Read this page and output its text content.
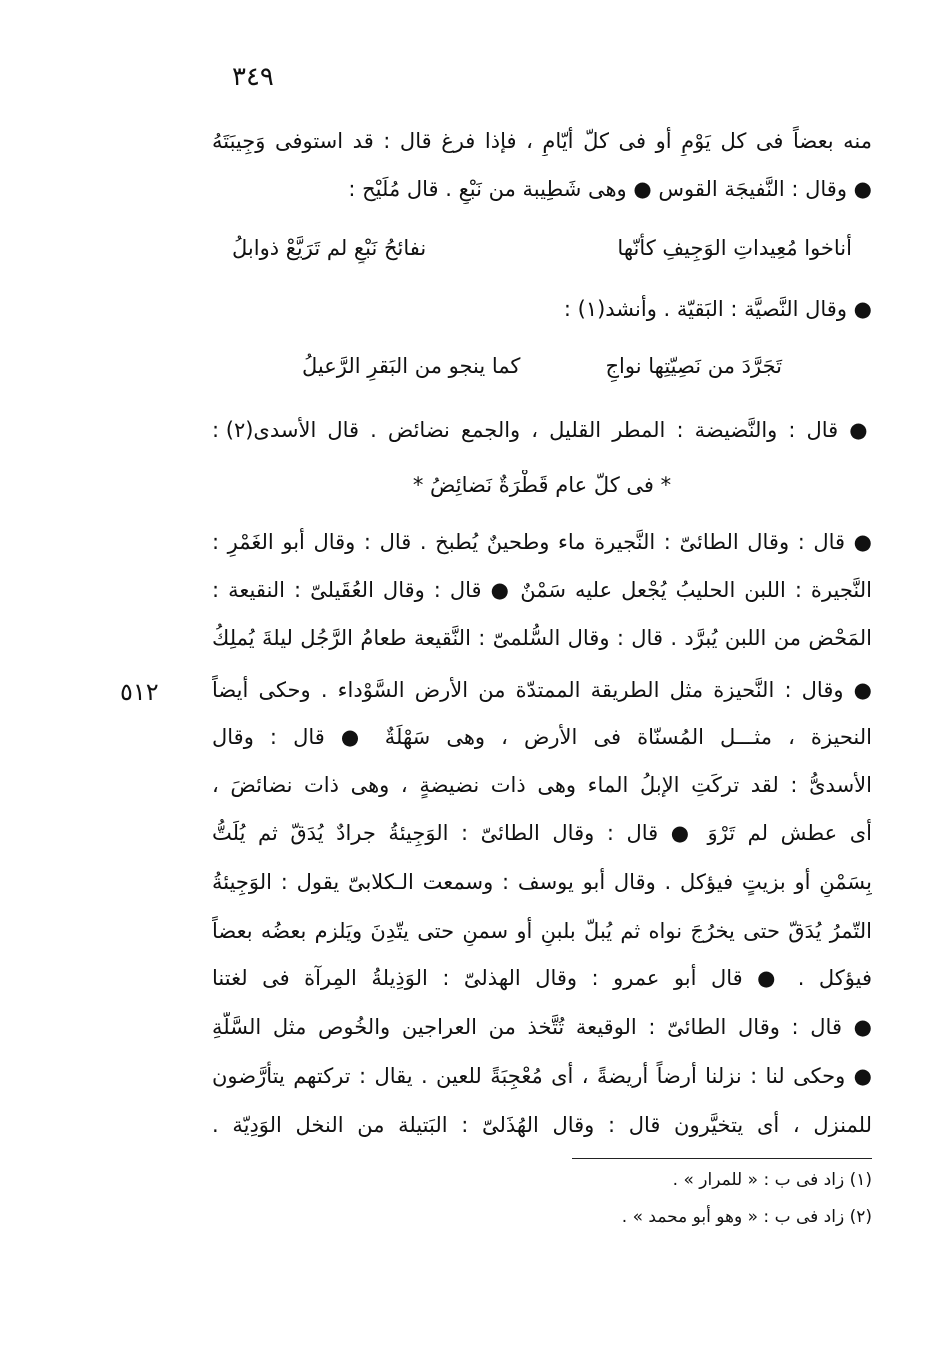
٣٤٩
٥١٢
منه بعضاً فى كل يَوْمٍ أو فى كلّ أيّامٍ ، فإذا فرغ قال : قد استوفى وَجِيبَتَهُ
● وقال : النَّفيجَة القوس ● وهى شَطِيبة من نَبْعٍ . قال مُلَيْح :
أناخوا مُعِيداتِ الوَجِيفِ كأنّها
نفائحُ نَبْعٍ لم تَرَيَّعْ ذوابلُ
● وقال النَّصيَّة : البَقيّة . وأنشد(١) :
تَجَرَّدَ من نَصِيّتِها نواجٍ
كما ينجو من البَقرِ الرَّعيلُ
● قال : والنَّضيضة : المطر القليل ، والجمع نضائض . قال الأسدى(٢) :
* فى كلّ عام قَطْرَةٌ نَضائِضُ *
● قال : وقال الطائىّ : النَّجيرة ماء وطحينٌ يُطبخ . قال : وقال أبو الغَمْرِ :
النَّجيرة : اللبن الحليبُ يُجْعل عليه سَمْنٌ ● قال : وقال العُقَيلىّ : النقيعة :
المَحْض من اللبن يُبرَّد . قال : وقال السُّلمىّ : النَّقيعة طعامُ الرَّجُل ليلةَ يُملِكُ
● وقال : النَّحيزة مثل الطريقة الممتدّة من الأرض السَّوْداء . وحكى أيضاً
النحيزة ، مثـــل المُسنّاة فى الأرض ، وهى سَهْلَةٌ ● قال : وقال
الأسدىُّ : لقد تركَتِ الإبلُ الماء وهى ذات نضيضةٍ ، وهى ذات نضائضَ ،
أى عطش لم تَرْوَ ● قال : وقال الطائىّ : الوَجِيئةُ جرادٌ يُدَقّ ثم يُلَتُّ
بِسَمْنٍ أو بزيتٍ فيؤكل . وقال أبو يوسف : وسمعت الـكلابىّ يقول : الوَجِيئةُ
التّمرُ يُدَقّ حتى يخرُجَ نواه ثم يُبلّ بلبنٍ أو سمنٍ حتى يتّدِنَ ويَلزم بعضُه بعضاً
فيؤكل . ● قال أبو عمرو : وقال الهذلىّ : الوَذِيلةُ المِرآة فى لغتنا
● قال : وقال الطائىّ : الوقيعة تُتَّخذ من العراجين والخُوص مثل السَّلّةِ
● وحكى لنا : نزلنا أرضاً أريضةً ، أى مُعْجِبَةً للعين . يقال : تركتهم يتأرَّضون
للمنزل ، أى يتخيَّرون قال : وقال الهُذَلىّ : البَتيلة من النخل الوَدِيّة .
(١) زاد فى ب : « للمرار » .
(٢) زاد فى ب : « وهو أبو محمد » .
